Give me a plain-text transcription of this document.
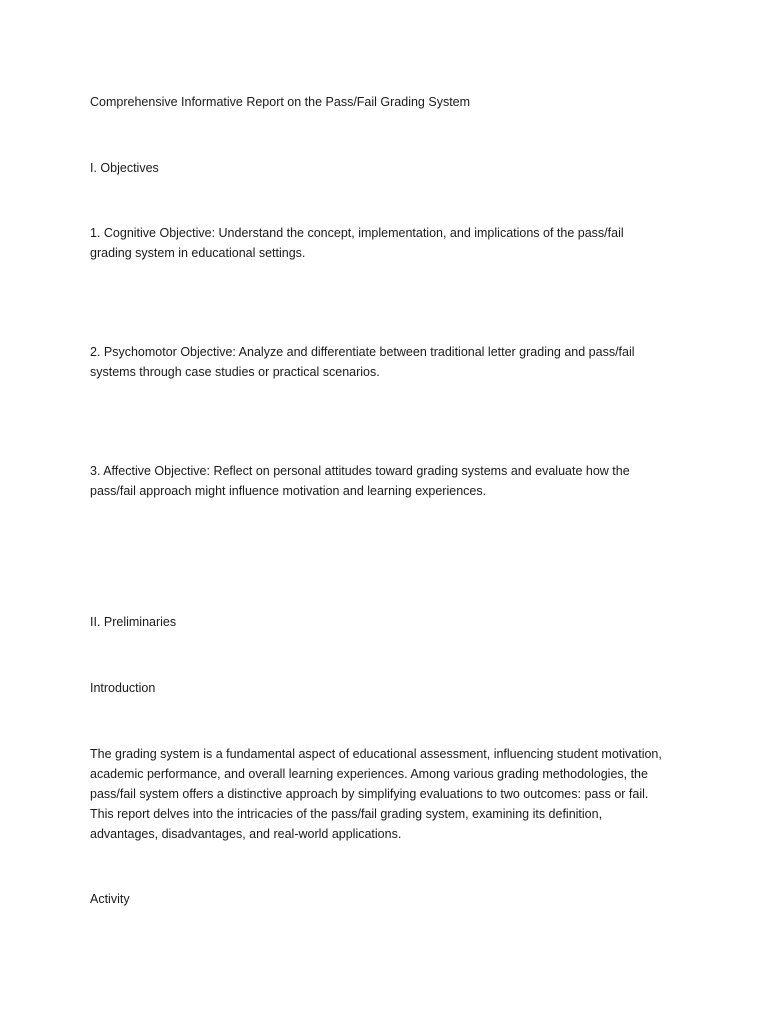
Comprehensive Informative Report on the Pass/Fail Grading System

I. Objectives

1. Cognitive Objective: Understand the concept, implementation, and implications of the pass/fail

grading system in educational settings.

2. Psychomotor Objective: Analyze and differentiate between traditional letter grading and pass/fail

systems through case studies or practical scenarios.

3. Affective Objective: Reflect on personal attitudes toward grading systems and evaluate how the

pass/fail approach might influence motivation and learning experiences.

II. Preliminaries

Introduction

The grading system is a fundamental aspect of educational assessment, influencing student motivation,

academic performance, and overall learning experiences. Among various grading methodologies, the

pass/fail system offers a distinctive approach by simplifying evaluations to two outcomes: pass or fail.

This report delves into the intricacies of the pass/fail grading system, examining its definition,

advantages, disadvantages, and real-world applications.

Activity
